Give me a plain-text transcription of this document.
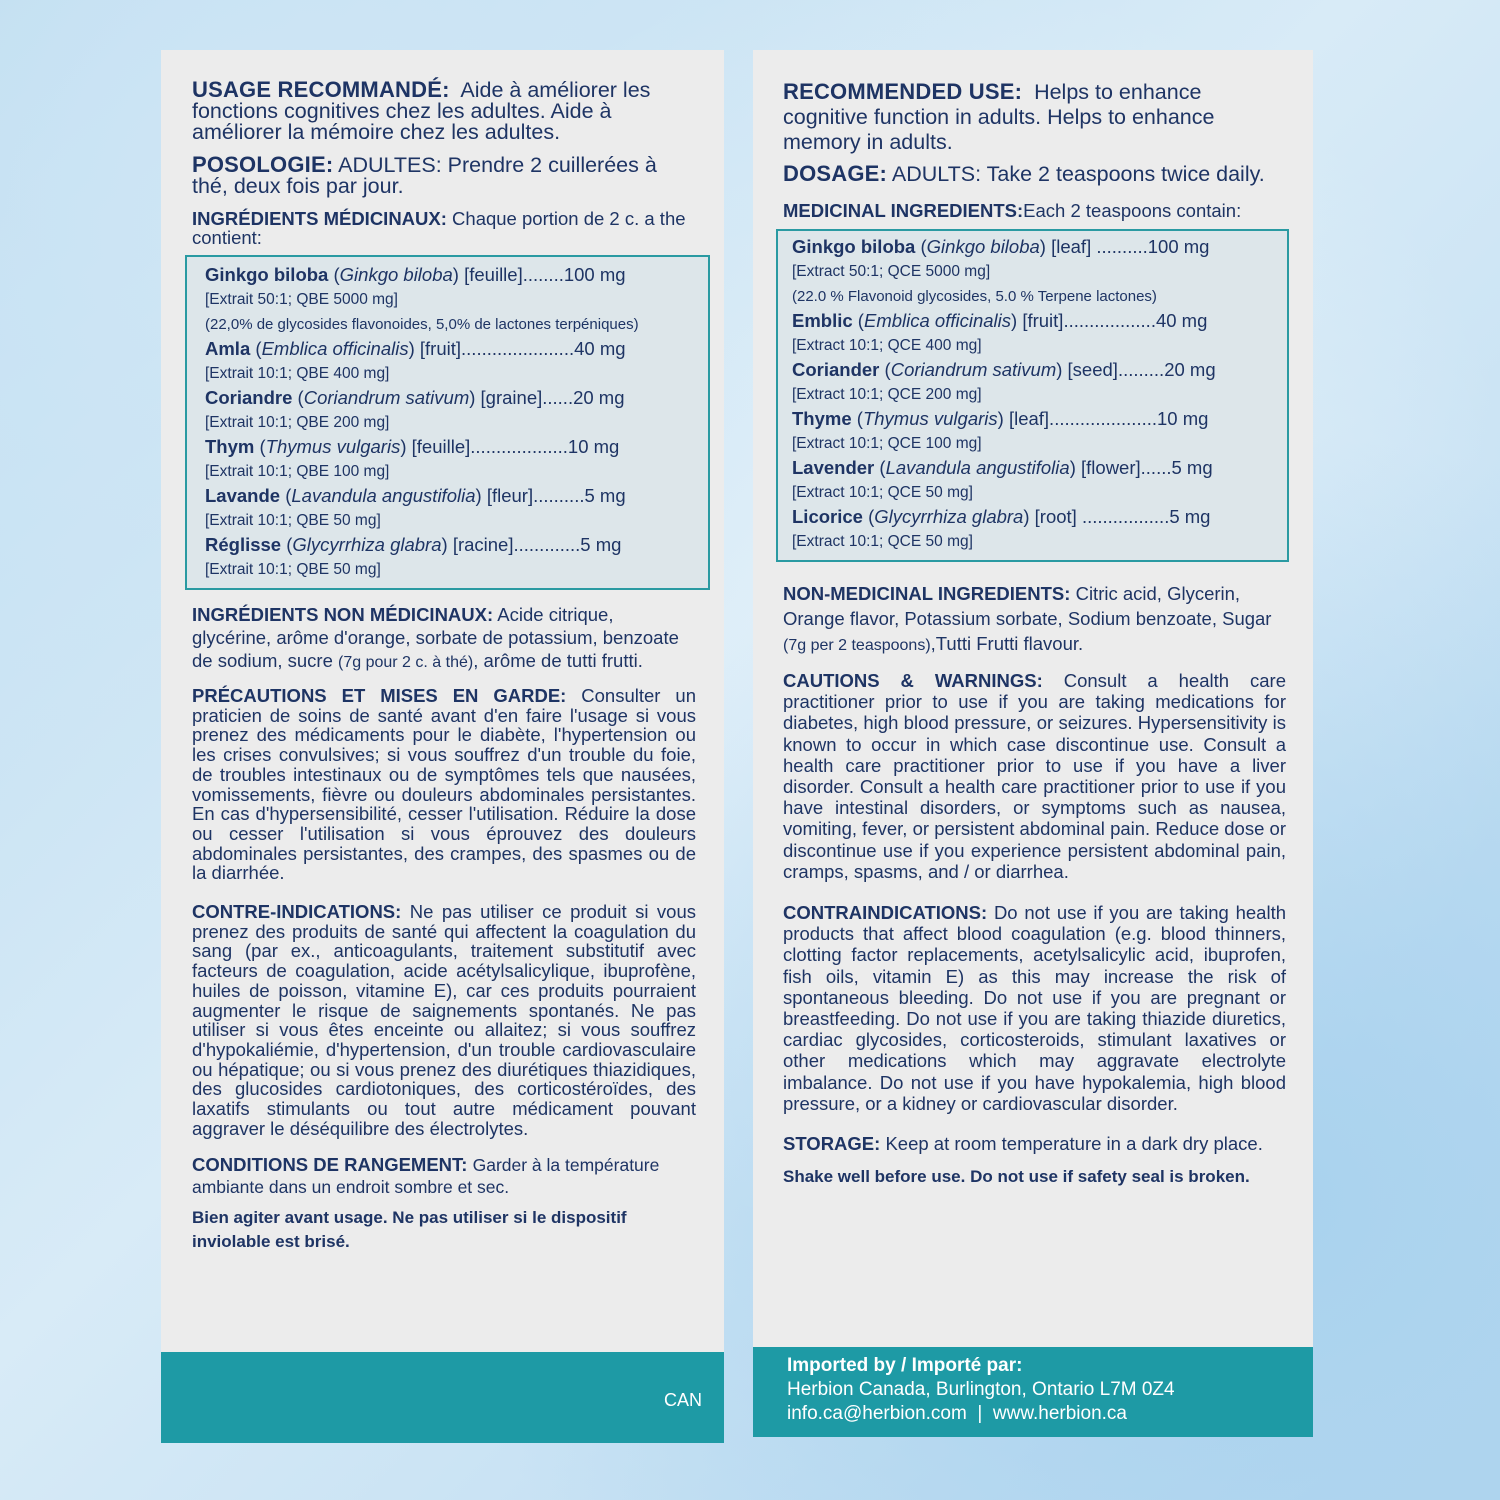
USAGE RECOMMANDÉ: Aide à améliorer les fonctions cognitives chez les adultes. Aide à améliorer la mémoire chez les adultes.

POSOLOGIE: ADULTES: Prendre 2 cuillerées à thé, deux fois par jour.

INGRÉDIENTS MÉDICINAUX: Chaque portion de 2 c. a the contient:

Ginkgo biloba (Ginkgo biloba) [feuille]........100 mg
[Extrait 50:1; QBE 5000 mg]
(22,0% de glycosides flavonoides, 5,0% de lactones terpéniques)
Amla (Emblica officinalis) [fruit]......................40 mg
[Extrait 10:1; QBE 400 mg]
Coriandre (Coriandrum sativum) [graine]......20 mg
[Extrait 10:1; QBE 200 mg]
Thym (Thymus vulgaris) [feuille]...................10 mg
[Extrait 10:1; QBE 100 mg]
Lavande (Lavandula angustifolia) [fleur]..........5 mg
[Extrait 10:1; QBE 50 mg]
Réglisse (Glycyrrhiza glabra) [racine].............5 mg
[Extrait 10:1; QBE 50 mg]

INGRÉDIENTS NON MÉDICINAUX: Acide citrique, glycérine, arôme d'orange, sorbate de potassium, benzoate de sodium, sucre (7g pour 2 c. à thé), arôme de tutti frutti.

PRÉCAUTIONS ET MISES EN GARDE: Consulter un praticien de soins de santé avant d'en faire l'usage si vous prenez des médicaments pour le diabète, l'hypertension ou les crises convulsives; si vous souffrez d'un trouble du foie, de troubles intestinaux ou de symptômes tels que nausées, vomissements, fièvre ou douleurs abdominales persistantes. En cas d'hypersensibilité, cesser l'utilisation. Réduire la dose ou cesser l'utilisation si vous éprouvez des douleurs abdominales persistantes, des crampes, des spasmes ou de la diarrhée.

CONTRE-INDICATIONS: Ne pas utiliser ce produit si vous prenez des produits de santé qui affectent la coagulation du sang (par ex., anticoagulants, traitement substitutif avec facteurs de coagulation, acide acétylsalicylique, ibuprofène, huiles de poisson, vitamine E), car ces produits pourraient augmenter le risque de saignements spontanés. Ne pas utiliser si vous êtes enceinte ou allaitez; si vous souffrez d'hypokaliémie, d'hypertension, d'un trouble cardiovasculaire ou hépatique; ou si vous prenez des diurétiques thiazidiques, des glucosides cardiotoniques, des corticostéroïdes, des laxatifs stimulants ou tout autre médicament pouvant aggraver le déséquilibre des électrolytes.

CONDITIONS DE RANGEMENT: Garder à la température ambiante dans un endroit sombre et sec.

Bien agiter avant usage. Ne pas utiliser si le dispositif inviolable est brisé.

CAN

RECOMMENDED USE: Helps to enhance cognitive function in adults. Helps to enhance memory in adults.

DOSAGE: ADULTS: Take 2 teaspoons twice daily.

MEDICINAL INGREDIENTS:Each 2 teaspoons contain:

Ginkgo biloba (Ginkgo biloba) [leaf] ..........100 mg
[Extract 50:1; QCE 5000 mg]
(22.0 % Flavonoid glycosides, 5.0 % Terpene lactones)
Emblic (Emblica officinalis) [fruit]..................40 mg
[Extract 10:1; QCE 400 mg]
Coriander (Coriandrum sativum) [seed].........20 mg
[Extract 10:1; QCE 200 mg]
Thyme (Thymus vulgaris) [leaf].....................10 mg
[Extract 10:1; QCE 100 mg]
Lavender (Lavandula angustifolia) [flower]......5 mg
[Extract 10:1; QCE 50 mg]
Licorice (Glycyrrhiza glabra) [root] .................5 mg
[Extract 10:1; QCE 50 mg]

NON-MEDICINAL INGREDIENTS: Citric acid, Glycerin, Orange flavor, Potassium sorbate, Sodium benzoate, Sugar (7g per 2 teaspoons),Tutti Frutti flavour.

CAUTIONS & WARNINGS: Consult a health care practitioner prior to use if you are taking medications for diabetes, high blood pressure, or seizures. Hypersensitivity is known to occur in which case discontinue use. Consult a health care practitioner prior to use if you have a liver disorder. Consult a health care practitioner prior to use if you have intestinal disorders, or symptoms such as nausea, vomiting, fever, or persistent abdominal pain. Reduce dose or discontinue use if you experience persistent abdominal pain, cramps, spasms, and / or diarrhea.

CONTRAINDICATIONS: Do not use if you are taking health products that affect blood coagulation (e.g. blood thinners, clotting factor replacements, acetylsalicylic acid, ibuprofen, fish oils, vitamin E) as this may increase the risk of spontaneous bleeding. Do not use if you are pregnant or breastfeeding. Do not use if you are taking thiazide diuretics, cardiac glycosides, corticosteroids, stimulant laxatives or other medications which may aggravate electrolyte imbalance. Do not use if you have hypokalemia, high blood pressure, or a kidney or cardiovascular disorder.

STORAGE: Keep at room temperature in a dark dry place.

Shake well before use. Do not use if safety seal is broken.

Imported by / Importé par:
Herbion Canada, Burlington, Ontario L7M 0Z4
info.ca@herbion.com  |  www.herbion.ca
